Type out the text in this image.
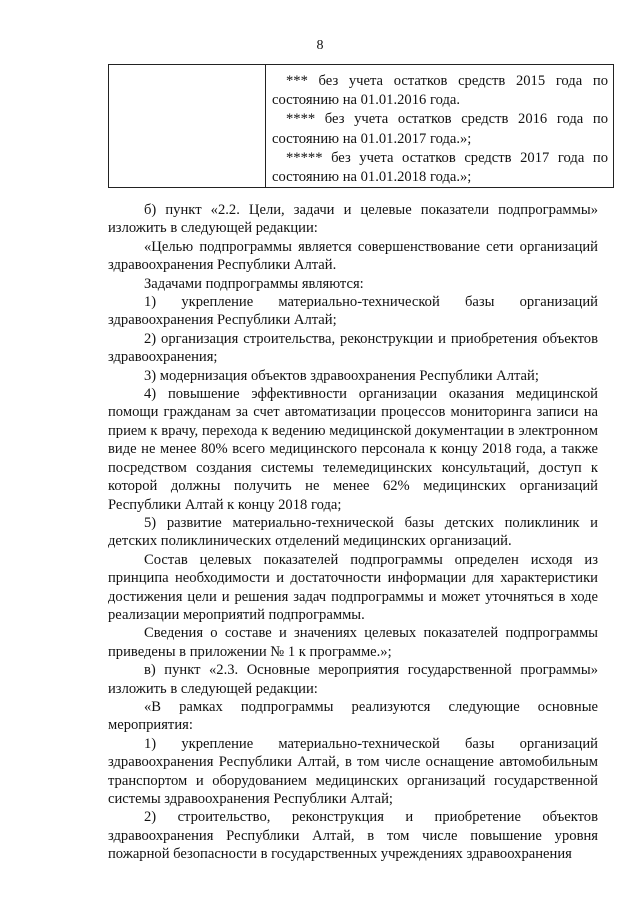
8

*** без учета остатков средств 2015 года по состоянию на 01.01.2016 года.

**** без учета остатков средств 2016 года по состоянию на 01.01.2017 года.»;

***** без учета остатков средств 2017 года по состоянию на 01.01.2018 года.»;

б) пункт «2.2. Цели, задачи и целевые показатели подпрограммы» изложить в следующей редакции:

«Целью подпрограммы является совершенствование сети организаций здравоохранения Республики Алтай.

Задачами подпрограммы являются:

1) укрепление материально-технической базы организаций здравоохранения Республики Алтай;

2) организация строительства, реконструкции и приобретения объектов здравоохранения;

3) модернизация объектов здравоохранения Республики Алтай;

4) повышение эффективности организации оказания медицинской помощи гражданам за счет автоматизации процессов мониторинга записи на прием к врачу, перехода к ведению медицинской документации в электронном виде не менее 80% всего медицинского персонала к концу 2018 года, а также посредством создания системы телемедицинских консультаций, доступ к которой должны получить не менее 62% медицинских организаций Республики Алтай к концу 2018 года;

5) развитие материально-технической базы детских поликлиник и детских поликлинических отделений медицинских организаций.

Состав целевых показателей подпрограммы определен исходя из принципа необходимости и достаточности информации для характеристики достижения цели и решения задач подпрограммы и может уточняться в ходе реализации мероприятий подпрограммы.

Сведения о составе и значениях целевых показателей подпрограммы приведены в приложении № 1 к программе.»;

в) пункт «2.3. Основные мероприятия государственной программы» изложить в следующей редакции:

«В рамках подпрограммы реализуются следующие основные мероприятия:

1) укрепление материально-технической базы организаций здравоохранения Республики Алтай, в том числе оснащение автомобильным транспортом и оборудованием медицинских организаций государственной системы здравоохранения Республики Алтай;

2) строительство, реконструкция и приобретение объектов здравоохранения Республики Алтай, в том числе повышение уровня пожарной безопасности в государственных учреждениях здравоохранения
